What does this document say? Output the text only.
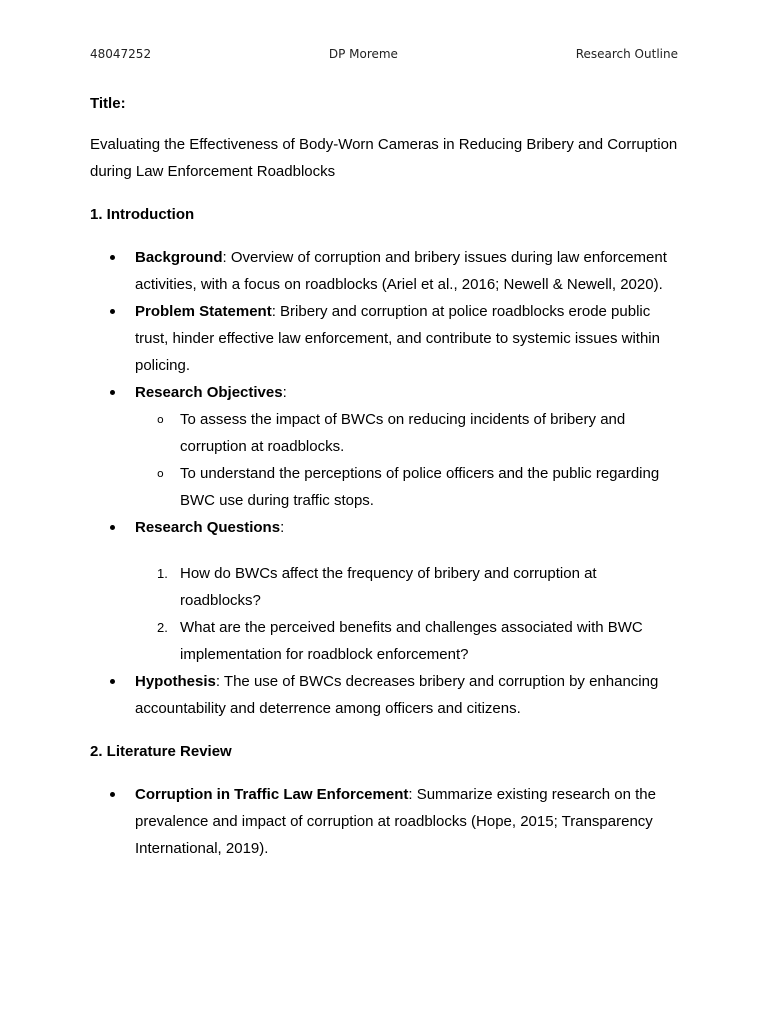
48047252	DP Moreme	Research Outline

Title:

Evaluating the Effectiveness of Body-Worn Cameras in Reducing Bribery and Corruption during Law Enforcement Roadblocks

1. Introduction

Background: Overview of corruption and bribery issues during law enforcement activities, with a focus on roadblocks (Ariel et al., 2016; Newell & Newell, 2020).
Problem Statement: Bribery and corruption at police roadblocks erode public trust, hinder effective law enforcement, and contribute to systemic issues within policing.
Research Objectives:
o To assess the impact of BWCs on reducing incidents of bribery and corruption at roadblocks.
o To understand the perceptions of police officers and the public regarding BWC use during traffic stops.
Research Questions:
1. How do BWCs affect the frequency of bribery and corruption at roadblocks?
2. What are the perceived benefits and challenges associated with BWC implementation for roadblock enforcement?
Hypothesis: The use of BWCs decreases bribery and corruption by enhancing accountability and deterrence among officers and citizens.

2. Literature Review

Corruption in Traffic Law Enforcement: Summarize existing research on the prevalence and impact of corruption at roadblocks (Hope, 2015; Transparency International, 2019).
